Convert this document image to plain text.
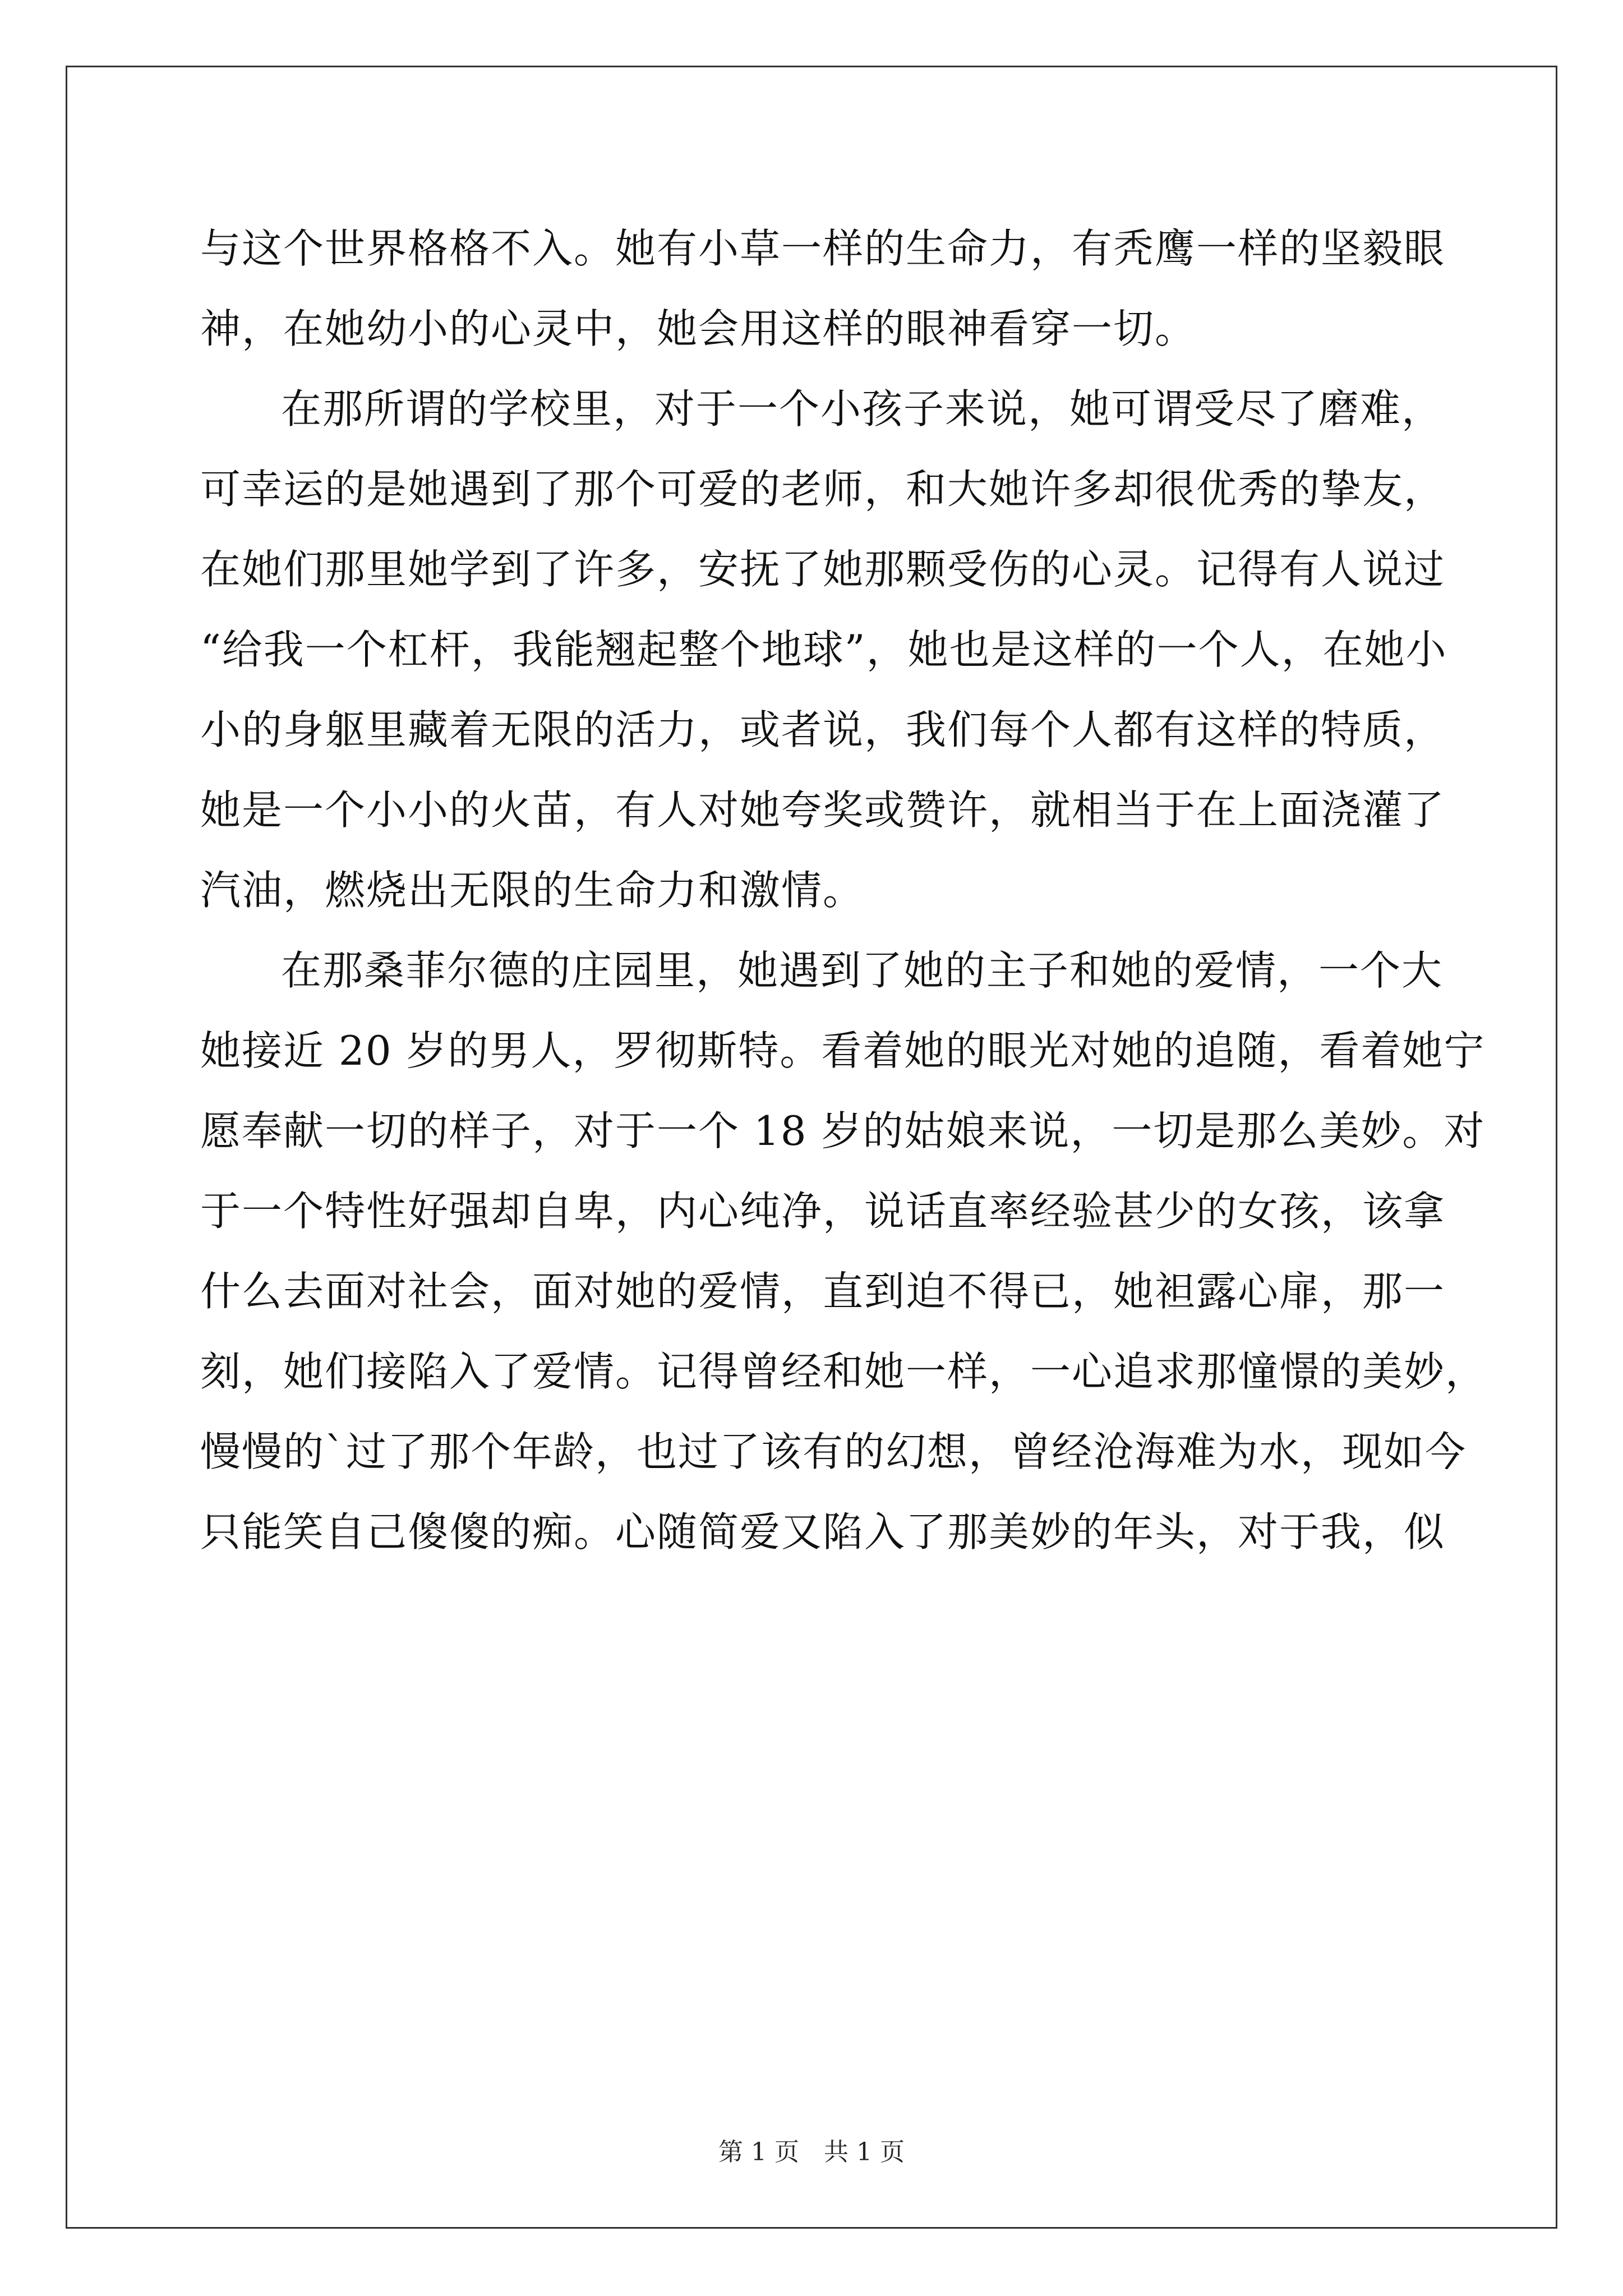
与这个世界格格不入。她有小草一样的生命力，有秃鹰一样的坚毅眼
神，在她幼小的心灵中，她会用这样的眼神看穿一切。
在那所谓的学校里，对于一个小孩子来说，她可谓受尽了磨难，
可幸运的是她遇到了那个可爱的老师，和大她许多却很优秀的挚友，
在她们那里她学到了许多，安抚了她那颗受伤的心灵。记得有人说过
“给我一个杠杆，我能翘起整个地球”，她也是这样的一个人，在她小
小的身躯里藏着无限的活力，或者说，我们每个人都有这样的特质，
她是一个小小的火苗，有人对她夸奖或赞许，就相当于在上面浇灌了
汽油，燃烧出无限的生命力和激情。
在那桑菲尔德的庄园里，她遇到了她的主子和她的爱情，一个大
她接近 20 岁的男人，罗彻斯特。看着她的眼光对她的追随，看着她宁
愿奉献一切的样子，对于一个 18 岁的姑娘来说，一切是那么美妙。对
于一个特性好强却自卑，内心纯净，说话直率经验甚少的女孩，该拿
什么去面对社会，面对她的爱情，直到迫不得已，她袒露心扉，那一
刻，她们接陷入了爱情。记得曾经和她一样，一心追求那憧憬的美妙，
慢慢的`过了那个年龄，也过了该有的幻想，曾经沧海难为水，现如今
只能笑自己傻傻的痴。心随简爱又陷入了那美妙的年头，对于我，似
第 1 页　共 1 页
